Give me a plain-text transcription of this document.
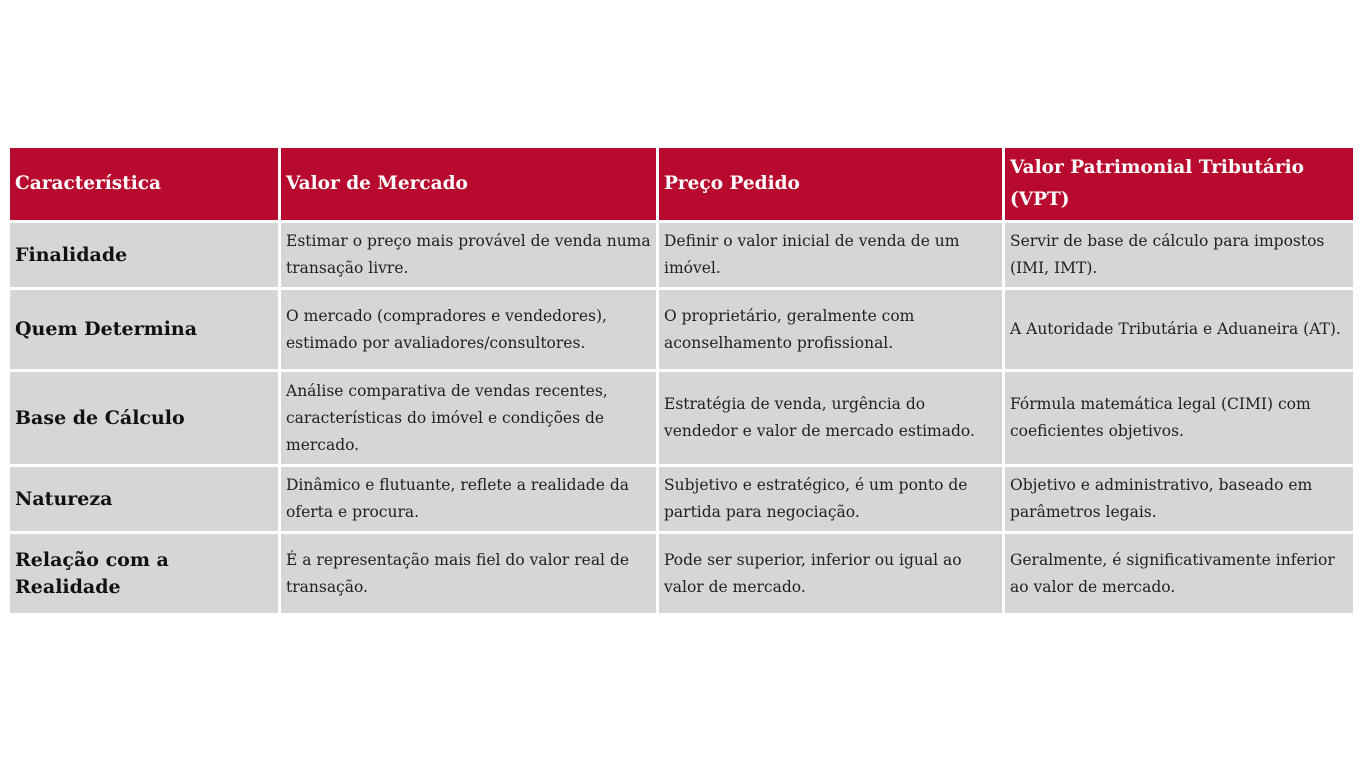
Característica	Valor de Mercado	Preço Pedido	Valor Patrimonial Tributário (VPT)
Finalidade	Estimar o preço mais provável de venda numa transação livre.	Definir o valor inicial de venda de um imóvel.	Servir de base de cálculo para impostos (IMI, IMT).
Quem Determina	O mercado (compradores e vendedores), estimado por avaliadores/consultores.	O proprietário, geralmente com aconselhamento profissional.	A Autoridade Tributária e Aduaneira (AT).
Base de Cálculo	Análise comparativa de vendas recentes, características do imóvel e condições de mercado.	Estratégia de venda, urgência do vendedor e valor de mercado estimado.	Fórmula matemática legal (CIMI) com coeficientes objetivos.
Natureza	Dinâmico e flutuante, reflete a realidade da oferta e procura.	Subjetivo e estratégico, é um ponto de partida para negociação.	Objetivo e administrativo, baseado em parâmetros legais.
Relação com a Realidade	É a representação mais fiel do valor real de transação.	Pode ser superior, inferior ou igual ao valor de mercado.	Geralmente, é significativamente inferior ao valor de mercado.
